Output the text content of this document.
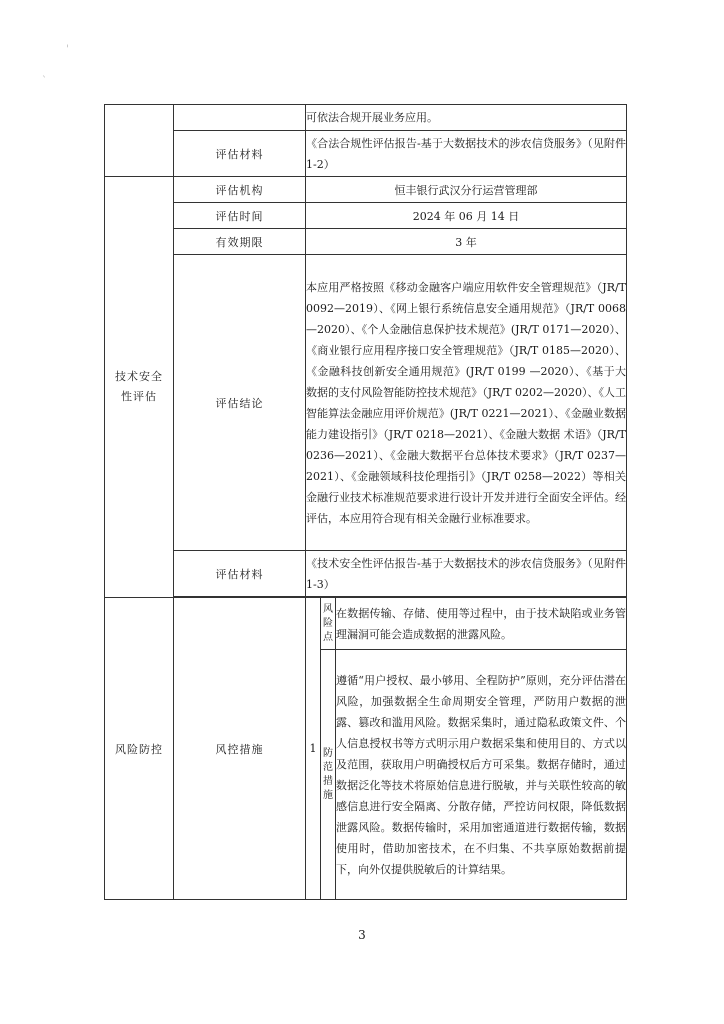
'
`
		可依法合规开展业务应用。		
	评估材料	《合法合规性评估报告-基于大数据技术的涉农信贷服务》（见附件 1-2）		
技术安全性评估	评估机构	恒丰银行武汉分行运营管理部		
	评估时间	2024 年 06 月 14 日		
	有效期限	3 年		
	评估结论	本应用严格按照《移动金融客户端应用软件安全管理规范》（JR/T 0092—2019）、《网上银行系统信息安全通用规范》（JR/T 0068—2020）、《个人金融信息保护技术规范》(JR/T 0171—2020）、《商业银行应用程序接口安全管理规范》（JR/T 0185—2020）、《金融科技创新安全通用规范》(JR/T 0199 —2020）、《基于大数据的支付风险智能防控技术规范》（JR/T 0202—2020）、《人工智能算法金融应用评价规范》(JR/T 0221—2021）、《金融业数据能力建设指引》（JR/T 0218—2021）、《金融大数据 术语》（JR/T 0236—2021）、《金融大数据平台总体技术要求》（JR/T 0237—2021）、《金融领域科技伦理指引》（JR/T 0258—2022）等相关金融行业技术标准规范要求进行设计开发并进行全面安全评估。经评估，本应用符合现有相关金融行业标准要求。		
	评估材料	《技术安全性评估报告-基于大数据技术的涉农信贷服务》（见附件 1-3）		

风险防控	风控措施	1	风险点	在数据传输、存储、使用等过程中，由于技术缺陷或业务管理漏洞可能会造成数据的泄露风险。
			防范措施	遵循“用户授权、最小够用、全程防护”原则，充分评估潜在风险，加强数据全生命周期安全管理，严防用户数据的泄露、篡改和滥用风险。数据采集时，通过隐私政策文件、个人信息授权书等方式明示用户数据采集和使用目的、方式以及范围，获取用户明确授权后方可采集。数据存储时，通过数据泛化等技术将原始信息进行脱敏，并与关联性较高的敏感信息进行安全隔离、分散存储，严控访问权限，降低数据泄露风险。数据传输时，采用加密通道进行数据传输，数据使用时，借助加密技术，在不归集、不共享原始数据前提下，向外仅提供脱敏后的计算结果。
3
